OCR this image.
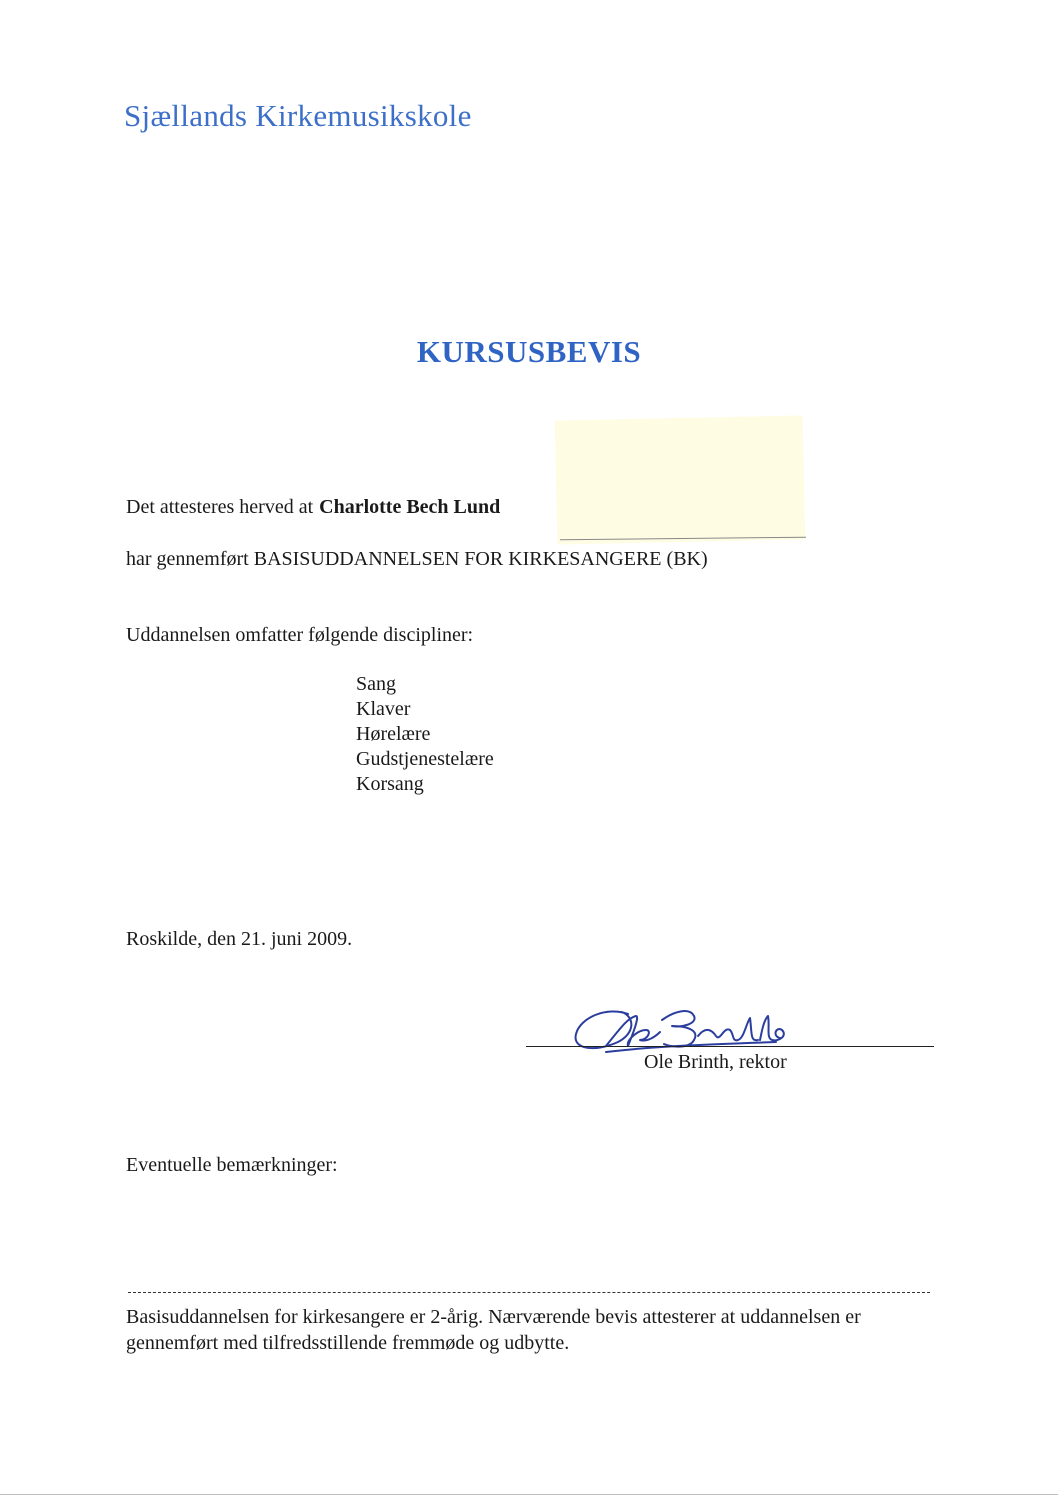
Sjællands Kirkemusikskole
KURSUSBEVIS
Det attesteres herved at Charlotte Bech Lund
har gennemført BASISUDDANNELSEN FOR KIRKESANGERE (BK)
Uddannelsen omfatter følgende discipliner:
Sang
Klaver
Hørelære
Gudstjenestelære
Korsang
Roskilde, den 21. juni 2009.
Ole Brinth, rektor
Eventuelle bemærkninger:
Basisuddannelsen for kirkesangere er 2-årig. Nærværende bevis attesterer at uddannelsen er gennemført med tilfredsstillende fremmøde og udbytte.
